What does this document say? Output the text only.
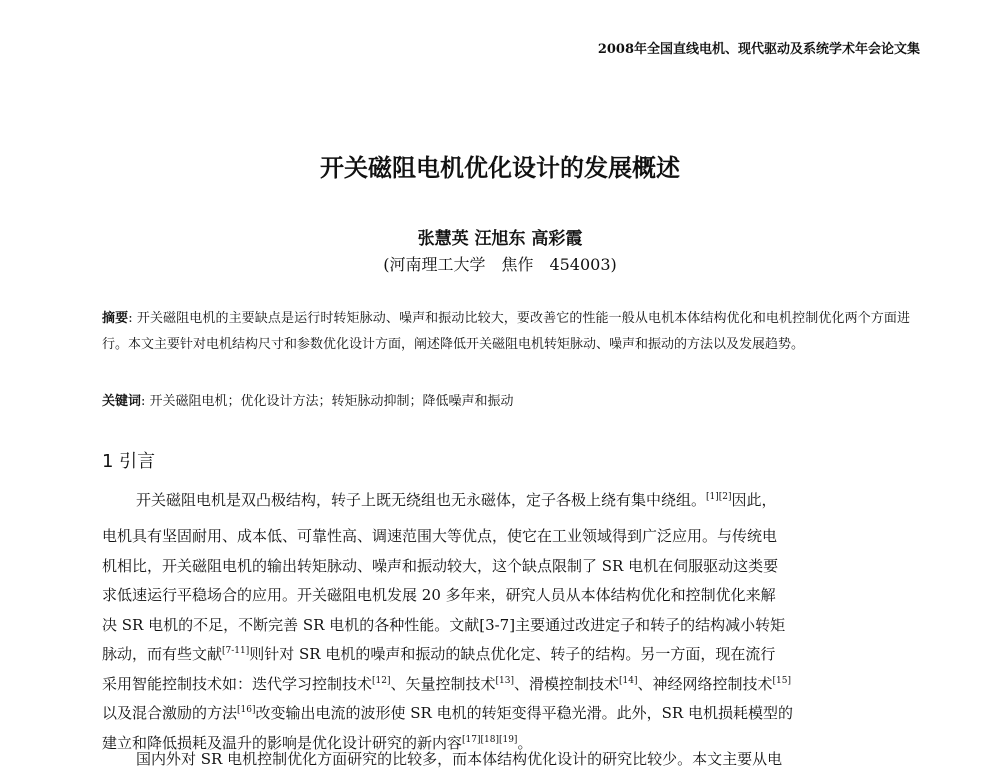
2008年全国直线电机、现代驱动及系统学术年会论文集
开关磁阻电机优化设计的发展概述
张慧英 汪旭东 高彩霞
(河南理工大学　焦作　454003)
摘要: 开关磁阻电机的主要缺点是运行时转矩脉动、噪声和振动比较大，要改善它的性能一般从电机本体结构优化和电机控制优化两个方面进行。本文主要针对电机结构尺寸和参数优化设计方面，阐述降低开关磁阻电机转矩脉动、噪声和振动的方法以及发展趋势。
关键词: 开关磁阻电机；优化设计方法；转矩脉动抑制；降低噪声和振动
1 引言
开关磁阻电机是双凸极结构，转子上既无绕组也无永磁体，定子各极上绕有集中绕组。[1][2]因此，
电机具有坚固耐用、成本低、可靠性高、调速范围大等优点，使它在工业领域得到广泛应用。与传统电
机相比，开关磁阻电机的输出转矩脉动、噪声和振动较大，这个缺点限制了 SR 电机在伺服驱动这类要
求低速运行平稳场合的应用。开关磁阻电机发展 20 多年来，研究人员从本体结构优化和控制优化来解
决 SR 电机的不足，不断完善 SR 电机的各种性能。文献[3-7]主要通过改进定子和转子的结构减小转矩
脉动，而有些文献[7-11]则针对 SR 电机的噪声和振动的缺点优化定、转子的结构。另一方面，现在流行
采用智能控制技术如：迭代学习控制技术[12]、矢量控制技术[13]、滑模控制技术[14]、神经网络控制技术[15]
以及混合激励的方法[16]改变输出电流的波形使 SR 电机的转矩变得平稳光滑。此外，SR 电机损耗模型的
建立和降低损耗及温升的影响是优化设计研究的新内容[17][18][19]。
国内外对 SR 电机控制优化方面研究的比较多，而本体结构优化设计的研究比较少。本文主要从电
